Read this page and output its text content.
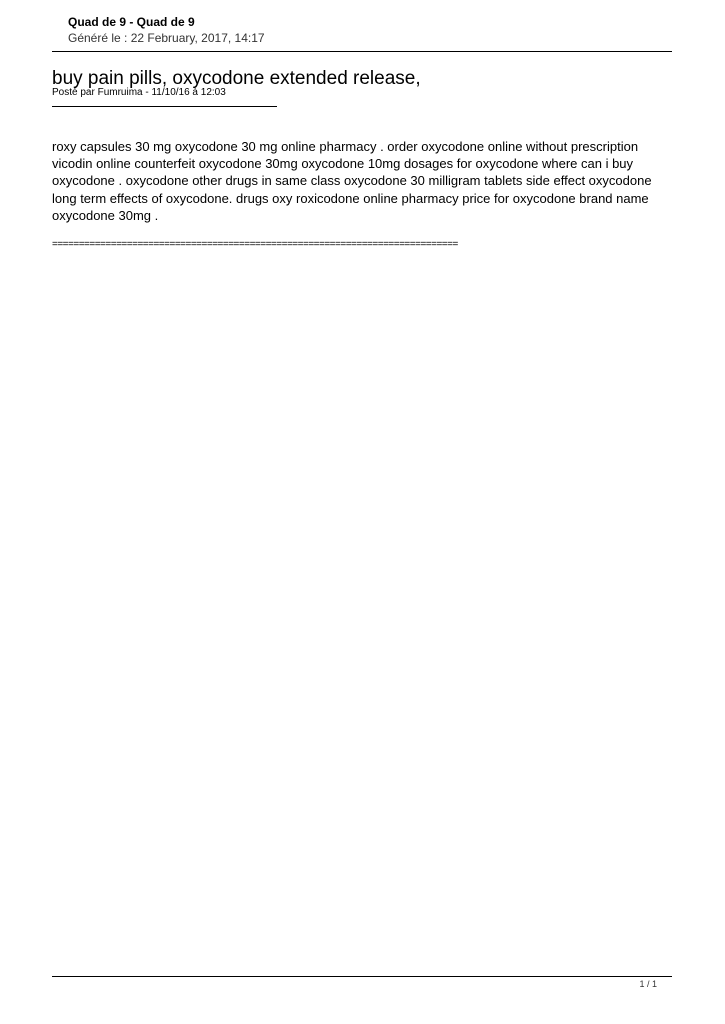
Quad de 9 - Quad de 9
Généré le : 22 February, 2017, 14:17
buy pain pills, oxycodone extended release,
Posté par Fumruima - 11/10/16 à 12:03
roxy capsules 30 mg oxycodone 30 mg online pharmacy . order oxycodone online without prescription
vicodin online counterfeit oxycodone 30mg oxycodone 10mg dosages for oxycodone where can i buy
oxycodone . oxycodone other drugs in same class oxycodone 30 milligram tablets side effect oxycodone
long term effects of oxycodone. drugs oxy roxicodone online pharmacy price for oxycodone brand name
oxycodone 30mg .
============================================================================
1 / 1
